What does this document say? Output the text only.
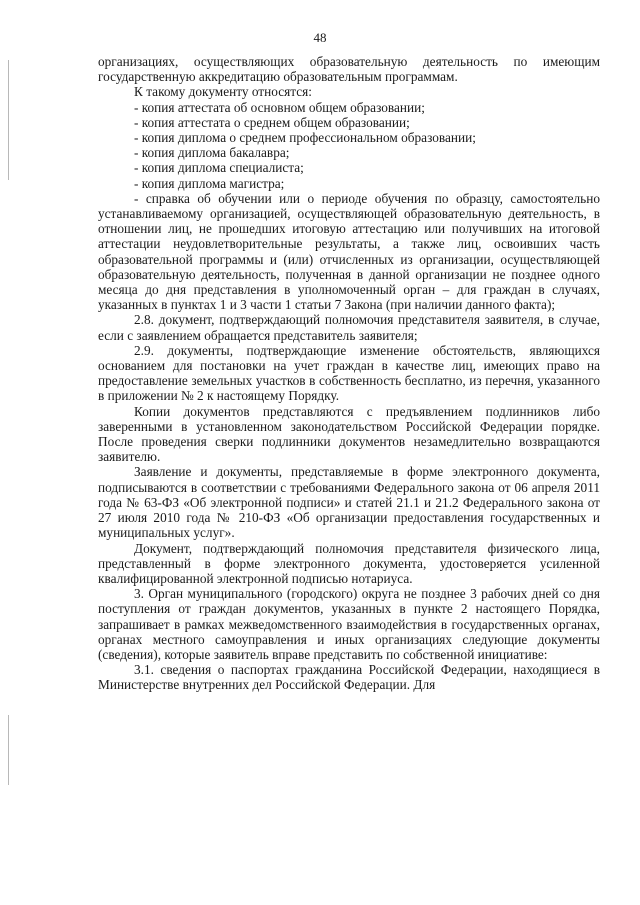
48

организациях, осуществляющих образовательную деятельность по имеющим государственную аккредитацию образовательным программам.

К такому документу относятся:

- копия аттестата об основном общем образовании;
- копия аттестата о среднем общем образовании;
- копия диплома о среднем профессиональном образовании;
- копия диплома бакалавра;
- копия диплома специалиста;
- копия диплома магистра;

- справка об обучении или о периоде обучения по образцу, самостоятельно устанавливаемому организацией, осуществляющей образовательную деятельность, в отношении лиц, не прошедших итоговую аттестацию или получивших на итоговой аттестации неудовлетворительные результаты, а также лиц, освоивших часть образовательной программы и (или) отчисленных из организации, осуществляющей образовательную деятельность, полученная в данной организации не позднее одного месяца до дня представления в уполномоченный орган – для граждан в случаях, указанных в пунктах 1 и 3 части 1 статьи 7 Закона (при наличии данного факта);

2.8. документ, подтверждающий полномочия представителя заявителя, в случае, если с заявлением обращается представитель заявителя;

2.9. документы, подтверждающие изменение обстоятельств, являющихся основанием для постановки на учет граждан в качестве лиц, имеющих право на предоставление земельных участков в собственность бесплатно, из перечня, указанного в приложении № 2 к настоящему Порядку.

Копии документов представляются с предъявлением подлинников либо заверенными в установленном законодательством Российской Федерации порядке. После проведения сверки подлинники документов незамедлительно возвращаются заявителю.

Заявление и документы, представляемые в форме электронного документа, подписываются в соответствии с требованиями Федерального закона от 06 апреля 2011 года № 63-ФЗ «Об электронной подписи» и статей 21.1 и 21.2 Федерального закона от 27 июля 2010 года № 210-ФЗ «Об организации предоставления государственных и муниципальных услуг».

Документ, подтверждающий полномочия представителя физического лица, представленный в форме электронного документа, удостоверяется усиленной квалифицированной электронной подписью нотариуса.

3. Орган муниципального (городского) округа не позднее 3 рабочих дней со дня поступления от граждан документов, указанных в пункте 2 настоящего Порядка, запрашивает в рамках межведомственного взаимодействия в государственных органах, органах местного самоуправления и иных организациях следующие документы (сведения), которые заявитель вправе представить по собственной инициативе:

3.1. сведения о паспортах гражданина Российской Федерации, находящиеся в Министерстве внутренних дел Российской Федерации. Для
